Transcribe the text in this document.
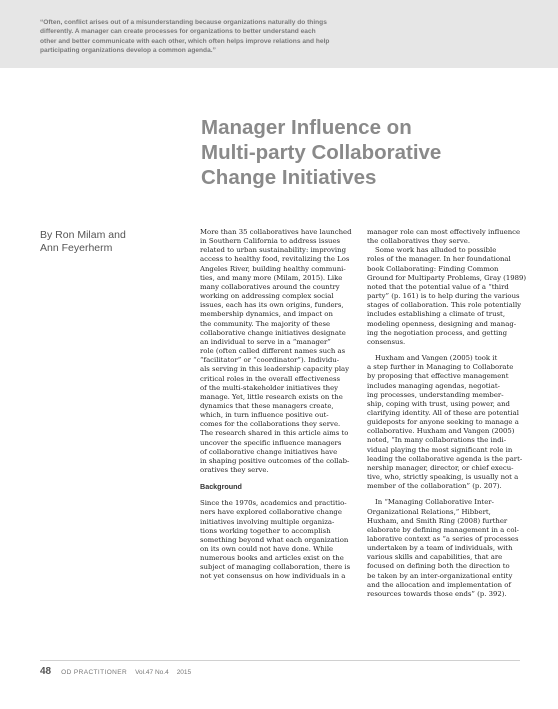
“Often, conflict arises out of a misunderstanding because organizations naturally do things
differently. A manager can create processes for organizations to better understand each
other and better communicate with each other, which often helps improve relations and help
participating organizations develop a common agenda.”
Manager Influence on
Multi-party Collaborative
Change Initiatives
By Ron Milam and
Ann Feyerherm
More than 35 collaboratives have launched
in Southern California to address issues
related to urban sustainability: improving
access to healthy food, revitalizing the Los
Angeles River, building healthy communi-
ties, and many more (Milam, 2015). Like
many collaboratives around the country
working on addressing complex social
issues, each has its own origins, funders,
membership dynamics, and impact on
the community. The majority of these
collaborative change initiatives designate
an individual to serve in a “manager”
role (often called different names such as
“facilitator” or “coordinator”). Individu-
als serving in this leadership capacity play
critical roles in the overall effectiveness
of the multi-stakeholder initiatives they
manage. Yet, little research exists on the
dynamics that these managers create,
which, in turn influence positive out-
comes for the collaborations they serve.
The research shared in this article aims to
uncover the specific influence managers
of collaborative change initiatives have
in shaping positive outcomes of the collab-
oratives they serve.
Background
Since the 1970s, academics and practitio-
ners have explored collaborative change
initiatives involving multiple organiza-
tions working together to accomplish
something beyond what each organization
on its own could not have done. While
numerous books and articles exist on the
subject of managing collaboration, there is
not yet consensus on how individuals in a
manager role can most effectively influence
the collaboratives they serve.
Some work has alluded to possible
roles of the manager. In her foundational
book Collaborating: Finding Common
Ground for Multiparty Problems, Gray (1989)
noted that the potential value of a “third
party” (p. 161) is to help during the various
stages of collaboration. This role potentially
includes establishing a climate of trust,
modeling openness, designing and manag-
ing the negotiation process, and getting
consensus.
Huxham and Vangen (2005) took it
a step further in Managing to Collaborate
by proposing that effective management
includes managing agendas, negotiat-
ing processes, understanding member-
ship, coping with trust, using power, and
clarifying identity. All of these are potential
guideposts for anyone seeking to manage a
collaborative. Huxham and Vangen (2005)
noted, “In many collaborations the indi-
vidual playing the most significant role in
leading the collaborative agenda is the part-
nership manager, director, or chief execu-
tive, who, strictly speaking, is usually not a
member of the collaboration” (p. 207).
In “Managing Collaborative Inter-
Organizational Relations,” Hibbert,
Huxham, and Smith Ring (2008) further
elaborate by defining management in a col-
laborative context as “a series of processes
undertaken by a team of individuals, with
various skills and capabilities, that are
focused on defining both the direction to
be taken by an inter-organizational entity
and the allocation and implementation of
resources towards those ends” (p. 392).
48 OD PRACTITIONER Vol.47 No.4 2015
